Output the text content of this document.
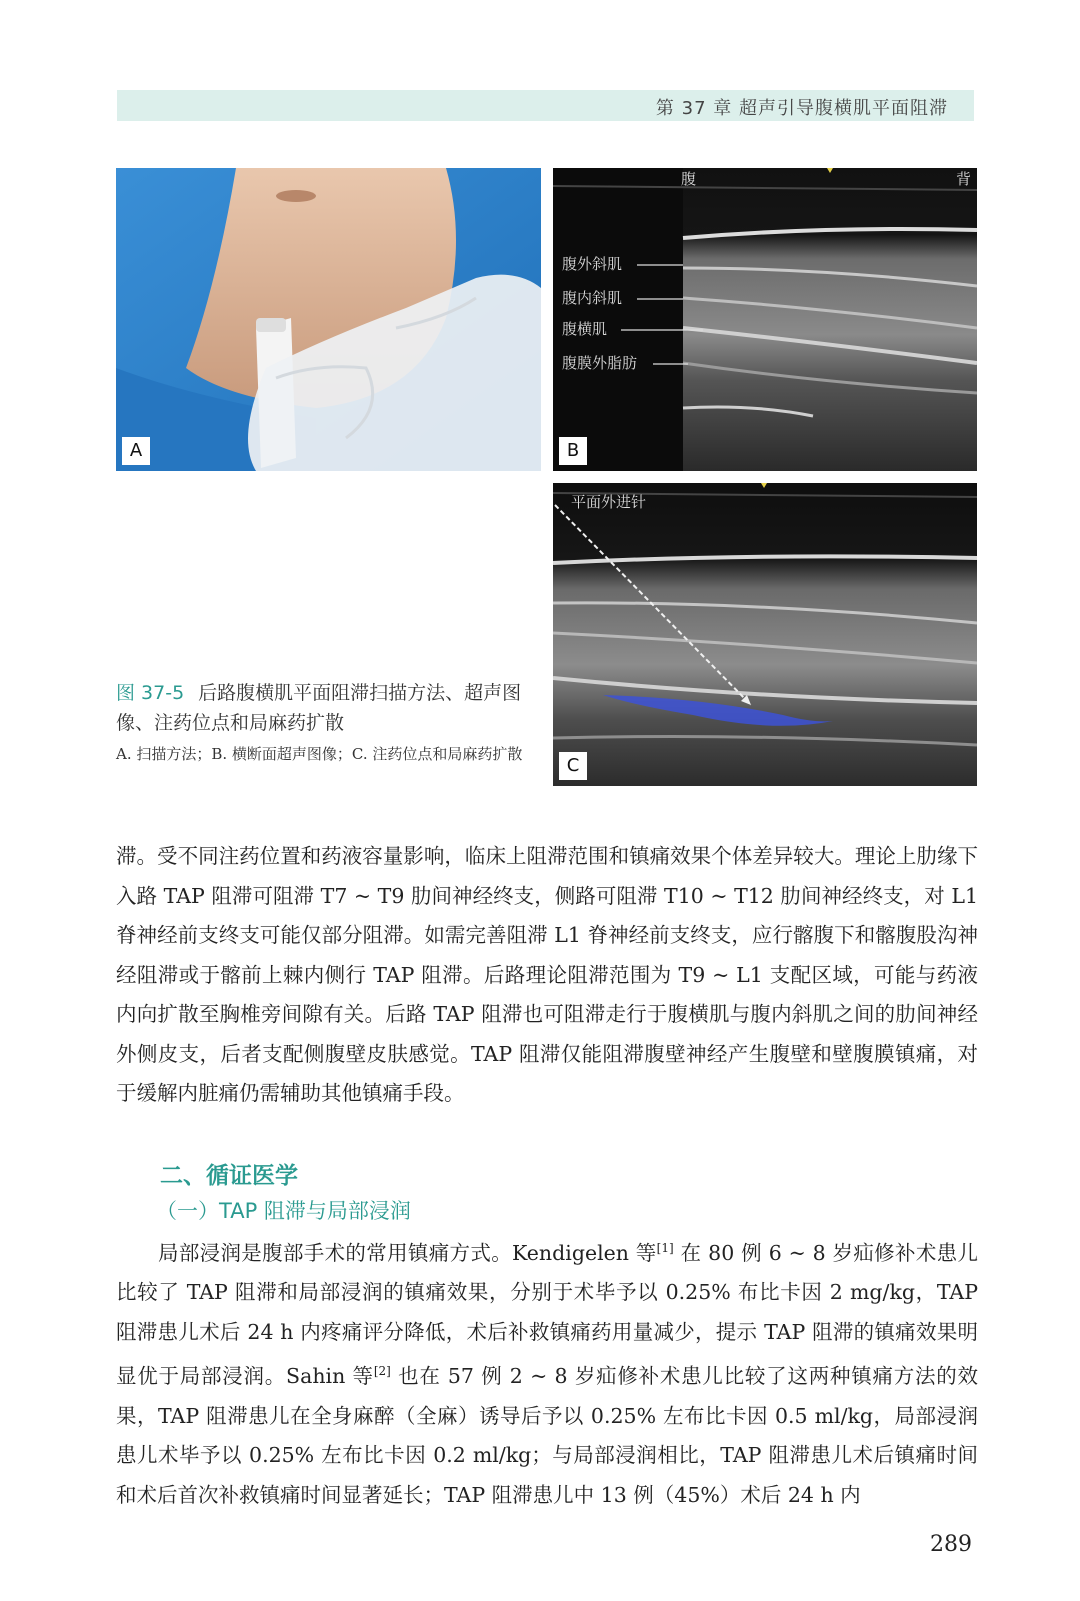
第 37 章 超声引导腹横肌平面阻滞
A
腹	背
腹外斜肌
腹内斜肌
腹横肌
腹膜外脂肪
B
平面外进针
C
图 37-5 后路腹横肌平面阻滞扫描方法、超声图像、注药位点和局麻药扩散
A. 扫描方法；B. 横断面超声图像；C. 注药位点和局麻药扩散
滞。受不同注药位置和药液容量影响，临床上阻滞范围和镇痛效果个体差异较大。理论上肋缘下入路 TAP 阻滞可阻滞 T7 ~ T9 肋间神经终支，侧路可阻滞 T10 ~ T12 肋间神经终支，对 L1 脊神经前支终支可能仅部分阻滞。如需完善阻滞 L1 脊神经前支终支，应行髂腹下和髂腹股沟神经阻滞或于髂前上棘内侧行 TAP 阻滞。后路理论阻滞范围为 T9 ~ L1 支配区域，可能与药液内向扩散至胸椎旁间隙有关。后路 TAP 阻滞也可阻滞走行于腹横肌与腹内斜肌之间的肋间神经外侧皮支，后者支配侧腹壁皮肤感觉。TAP 阻滞仅能阻滞腹壁神经产生腹壁和壁腹膜镇痛，对于缓解内脏痛仍需辅助其他镇痛手段。
二、循证医学
（一）TAP 阻滞与局部浸润
局部浸润是腹部手术的常用镇痛方式。Kendigelen 等[1] 在 80 例 6 ~ 8 岁疝修补术患儿比较了 TAP 阻滞和局部浸润的镇痛效果，分别于术毕予以 0.25% 布比卡因 2 mg/kg，TAP 阻滞患儿术后 24 h 内疼痛评分降低，术后补救镇痛药用量减少，提示 TAP 阻滞的镇痛效果明显优于局部浸润。Sahin 等[2] 也在 57 例 2 ~ 8 岁疝修补术患儿比较了这两种镇痛方法的效果，TAP 阻滞患儿在全身麻醉（全麻）诱导后予以 0.25% 左布比卡因 0.5 ml/kg，局部浸润患儿术毕予以 0.25% 左布比卡因 0.2 ml/kg；与局部浸润相比，TAP 阻滞患儿术后镇痛时间和术后首次补救镇痛时间显著延长；TAP 阻滞患儿中 13 例（45%）术后 24 h 内
289
